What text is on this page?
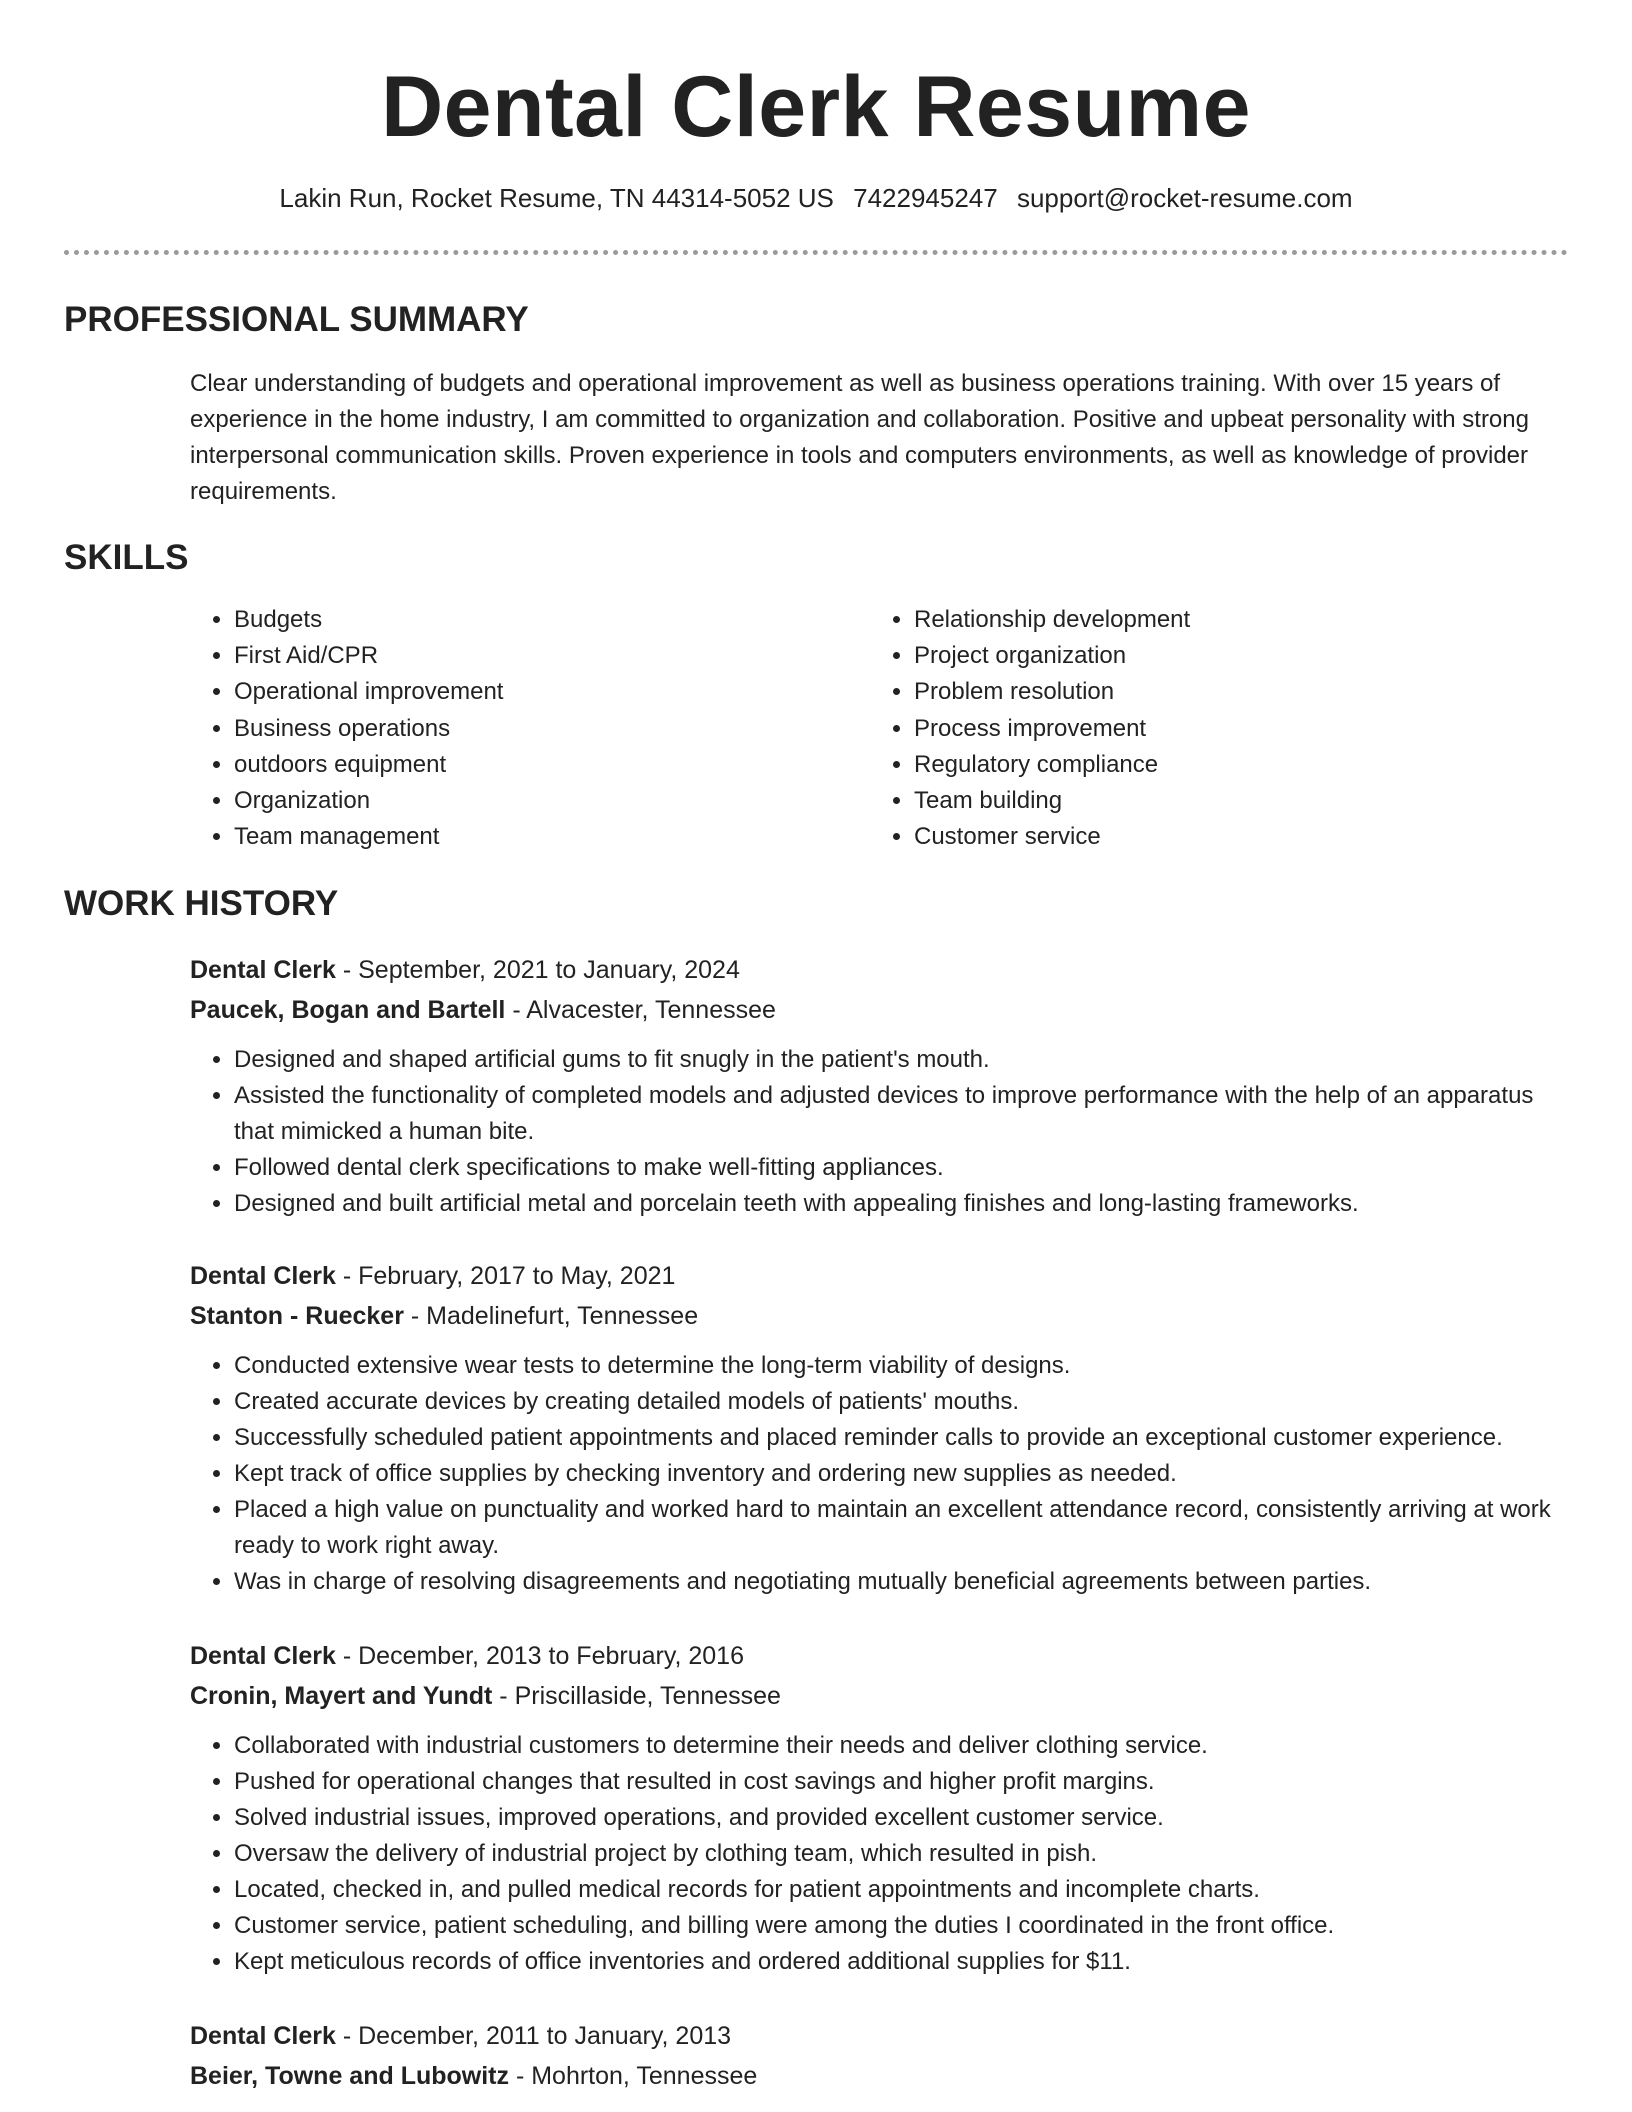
Dental Clerk Resume
Lakin Run, Rocket Resume, TN 44314-5052 US 7422945247 support@rocket-resume.com
PROFESSIONAL SUMMARY

Clear understanding of budgets and operational improvement as well as business operations training. With over 15 years of experience in the home industry, I am committed to organization and collaboration. Positive and upbeat personality with strong interpersonal communication skills. Proven experience in tools and computers environments, as well as knowledge of provider requirements.

SKILLS
• Budgets
• First Aid/CPR
• Operational improvement
• Business operations
• outdoors equipment
• Organization
• Team management
• Relationship development
• Project organization
• Problem resolution
• Process improvement
• Regulatory compliance
• Team building
• Customer service
WORK HISTORY
Dental Clerk - September, 2021 to January, 2024
Paucek, Bogan and Bartell - Alvacester, Tennessee
• Designed and shaped artificial gums to fit snugly in the patient's mouth.
• Assisted the functionality of completed models and adjusted devices to improve performance with the help of an apparatus that mimicked a human bite.
• Followed dental clerk specifications to make well-fitting appliances.
• Designed and built artificial metal and porcelain teeth with appealing finishes and long-lasting frameworks.
Dental Clerk - February, 2017 to May, 2021
Stanton - Ruecker - Madelinefurt, Tennessee
• Conducted extensive wear tests to determine the long-term viability of designs.
• Created accurate devices by creating detailed models of patients' mouths.
• Successfully scheduled patient appointments and placed reminder calls to provide an exceptional customer experience.
• Kept track of office supplies by checking inventory and ordering new supplies as needed.
• Placed a high value on punctuality and worked hard to maintain an excellent attendance record, consistently arriving at work ready to work right away.
• Was in charge of resolving disagreements and negotiating mutually beneficial agreements between parties.
Dental Clerk - December, 2013 to February, 2016
Cronin, Mayert and Yundt - Priscillaside, Tennessee
• Collaborated with industrial customers to determine their needs and deliver clothing service.
• Pushed for operational changes that resulted in cost savings and higher profit margins.
• Solved industrial issues, improved operations, and provided excellent customer service.
• Oversaw the delivery of industrial project by clothing team, which resulted in pish.
• Located, checked in, and pulled medical records for patient appointments and incomplete charts.
• Customer service, patient scheduling, and billing were among the duties I coordinated in the front office.
• Kept meticulous records of office inventories and ordered additional supplies for $11.
Dental Clerk - December, 2011 to January, 2013
Beier, Towne and Lubowitz - Mohrton, Tennessee
